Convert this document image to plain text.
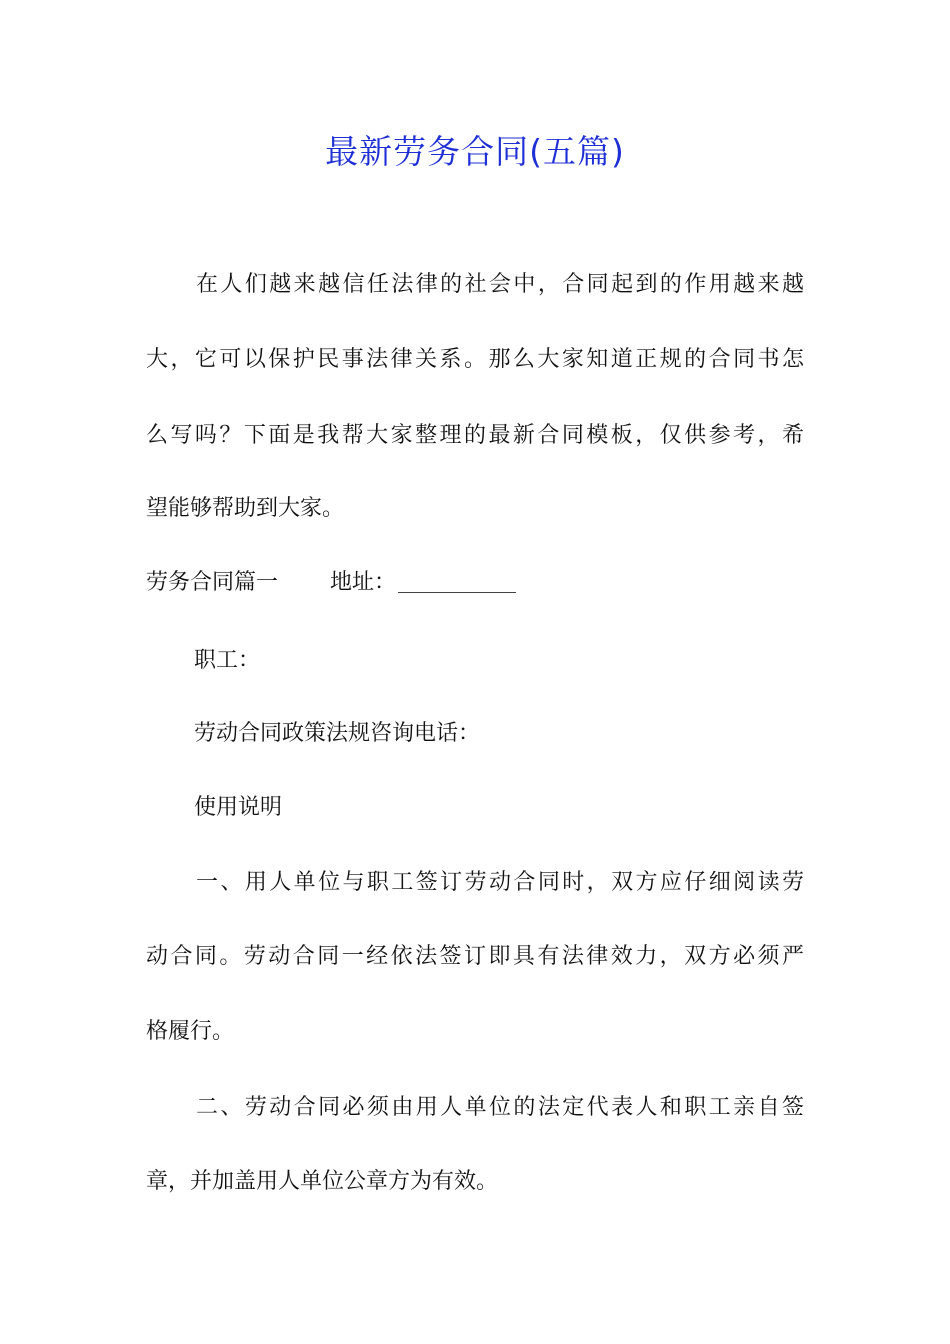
最新劳务合同(五篇)
在人们越来越信任法律的社会中，合同起到的作用越来越
大，它可以保护民事法律关系。那么大家知道正规的合同书怎
么写吗？下面是我帮大家整理的最新合同模板，仅供参考，希
望能够帮助到大家。
劳务合同篇一 地址：
职工：
劳动合同政策法规咨询电话：
使用说明
一、用人单位与职工签订劳动合同时，双方应仔细阅读劳
动合同。劳动合同一经依法签订即具有法律效力，双方必须严
格履行。
二、劳动合同必须由用人单位的法定代表人和职工亲自签
章，并加盖用人单位公章方为有效。
